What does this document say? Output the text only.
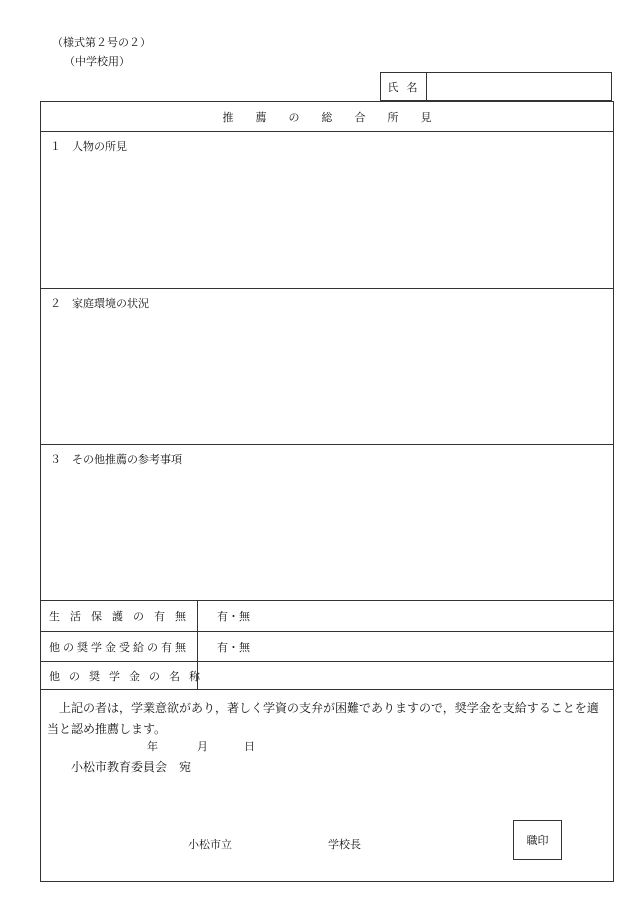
（様式第２号の２）
（中学校用）
氏名
推　　薦　　の　　総　　合　　所　　見
１　人物の所見
２　家庭環境の状況
３　その他推薦の参考事項
生活保護の有無 有・無
他の奨学金受給の有無	有・無
他の奨学金の名称
上記の者は，学業意欲があり，著しく学資の支弁が困難でありますので，奨学金を支給することを適当と認め推薦します。
年	月	日
小松市教育委員会　宛
小松市立	学校長	職印
